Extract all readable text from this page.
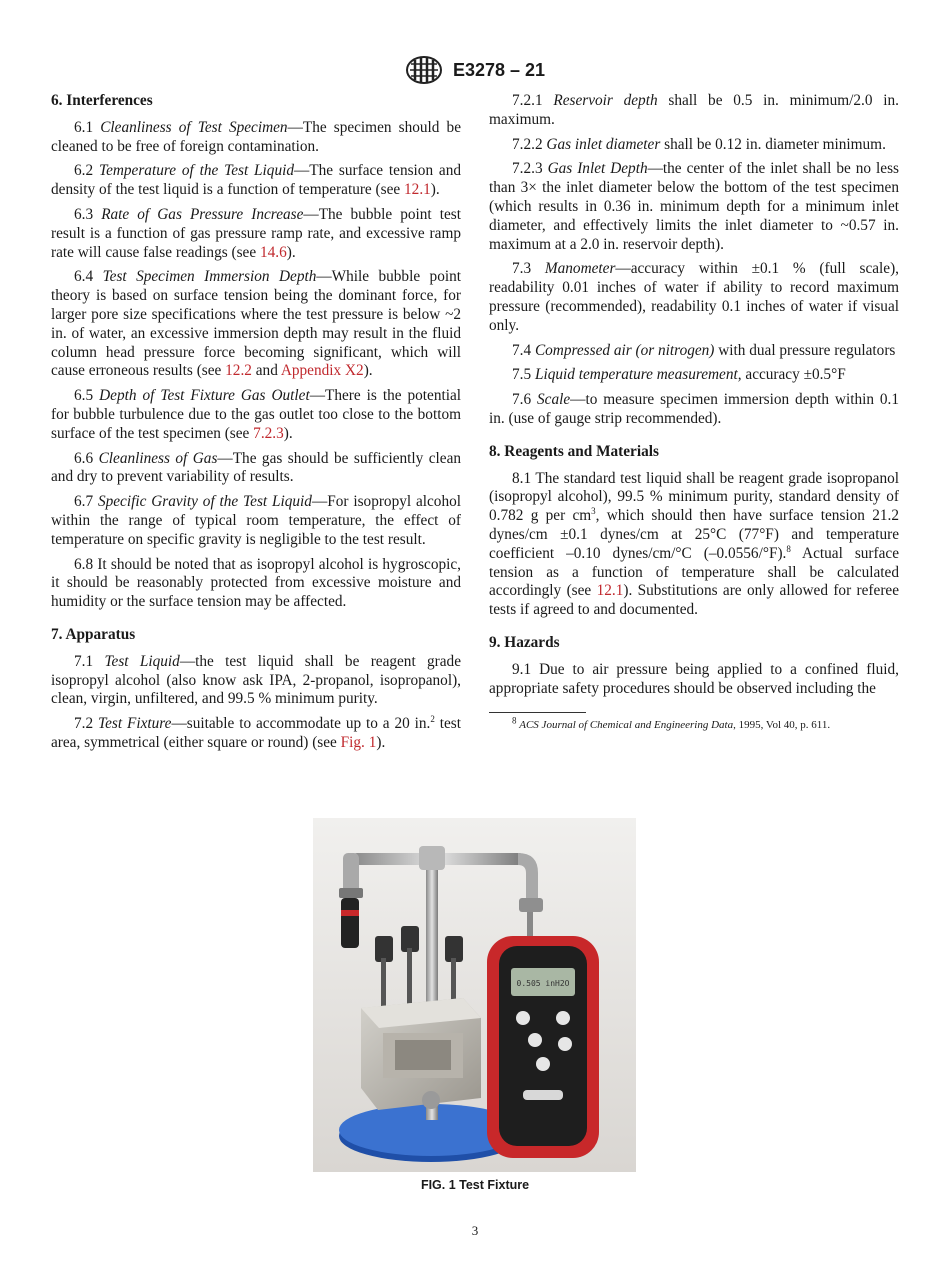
E3278 – 21
6. Interferences

6.1 Cleanliness of Test Specimen—The specimen should be cleaned to be free of foreign contamination.

6.2 Temperature of the Test Liquid—The surface tension and density of the test liquid is a function of temperature (see 12.1).

6.3 Rate of Gas Pressure Increase—The bubble point test result is a function of gas pressure ramp rate, and excessive ramp rate will cause false readings (see 14.6).

6.4 Test Specimen Immersion Depth—While bubble point theory is based on surface tension being the dominant force, for larger pore size specifications where the test pressure is below ~2 in. of water, an excessive immersion depth may result in the fluid column head pressure force becoming significant, which will cause erroneous results (see 12.2 and Appendix X2).

6.5 Depth of Test Fixture Gas Outlet—There is the potential for bubble turbulence due to the gas outlet too close to the bottom surface of the test specimen (see 7.2.3).

6.6 Cleanliness of Gas—The gas should be sufficiently clean and dry to prevent variability of results.

6.7 Specific Gravity of the Test Liquid—For isopropyl alcohol within the range of typical room temperature, the effect of temperature on specific gravity is negligible to the test result.

6.8 It should be noted that as isopropyl alcohol is hygroscopic, it should be reasonably protected from excessive moisture and humidity or the surface tension may be affected.

7. Apparatus

7.1 Test Liquid—the test liquid shall be reagent grade isopropyl alcohol (also know ask IPA, 2-propanol, isopropanol), clean, virgin, unfiltered, and 99.5 % minimum purity.

7.2 Test Fixture—suitable to accommodate up to a 20 in.$^2$ test area, symmetrical (either square or round) (see Fig. 1).

7.2.1 Reservoir depth shall be 0.5 in. minimum/2.0 in. maximum.

7.2.2 Gas inlet diameter shall be 0.12 in. diameter minimum.

7.2.3 Gas Inlet Depth—the center of the inlet shall be no less than 3× the inlet diameter below the bottom of the test specimen (which results in 0.36 in. minimum depth for a minimum inlet diameter, and effectively limits the inlet diameter to ~0.57 in. maximum at a 2.0 in. reservoir depth).

7.3 Manometer—accuracy within ±0.1 % (full scale), readability 0.01 inches of water if ability to record maximum pressure (recommended), readability 0.1 inches of water if visual only.

7.4 Compressed air (or nitrogen) with dual pressure regulators

7.5 Liquid temperature measurement, accuracy ±0.5°F

7.6 Scale—to measure specimen immersion depth within 0.1 in. (use of gauge strip recommended).

8. Reagents and Materials

8.1 The standard test liquid shall be reagent grade isopropanol (isopropyl alcohol), 99.5 % minimum purity, standard density of 0.782 g per $cm^3$, which should then have surface tension 21.2 dynes/cm ±0.1 dynes/cm at 25°C (77°F) and temperature coefficient –0.10 dynes/cm/°C (–0.0556/°F).$^8$ Actual surface tension as a function of temperature shall be calculated accordingly (see 12.1). Substitutions are only allowed for referee tests if agreed to and documented.

9. Hazards

9.1 Due to air pressure being applied to a confined fluid, appropriate safety procedures should be observed including the

$^8$ ACS Journal of Chemical and Engineering Data, 1995, Vol 40, p. 611.

0.505 inH2O
FIG. 1 Test Fixture
3
